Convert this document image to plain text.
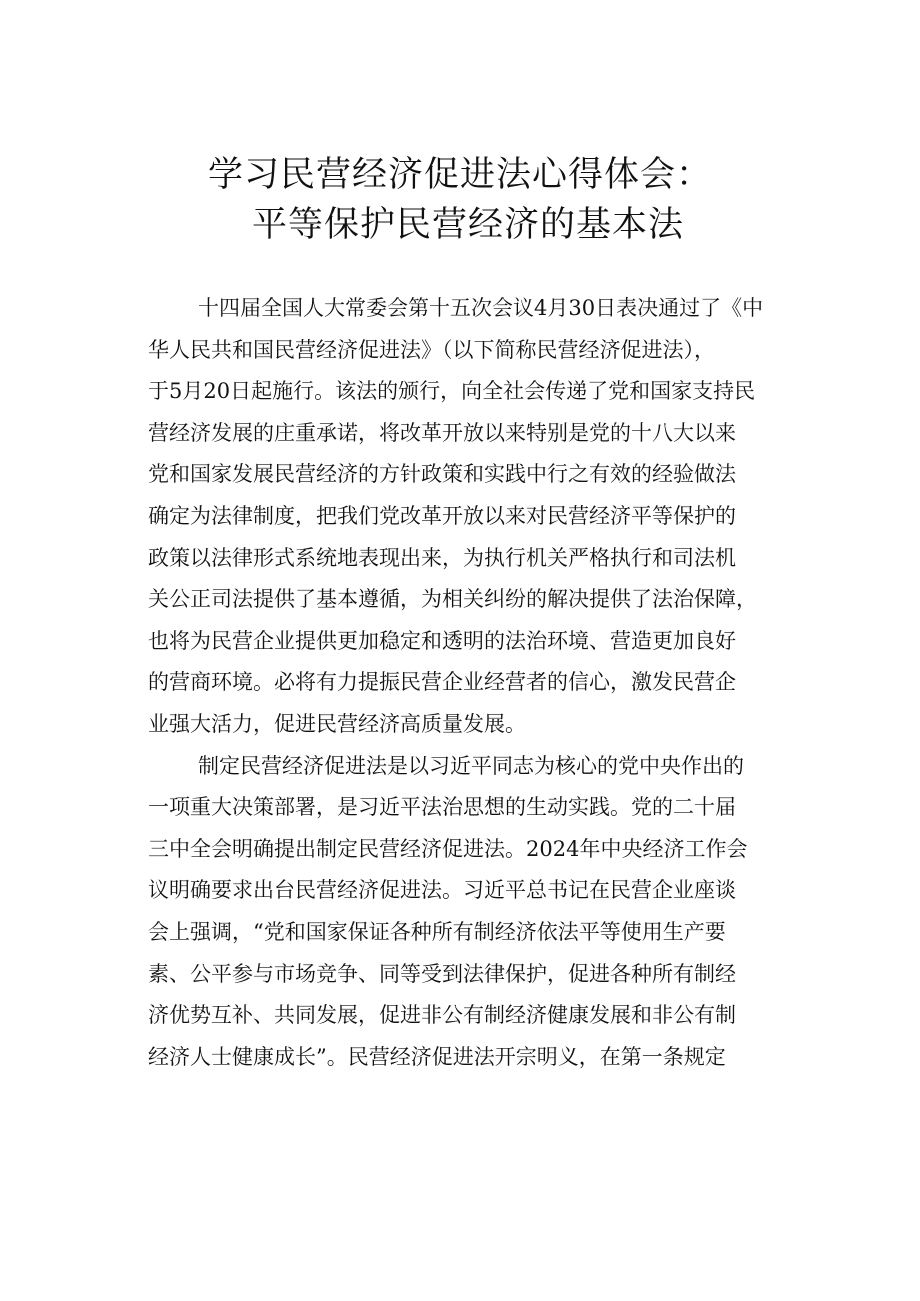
学习民营经济促进法心得体会：
平等保护民营经济的基本法
十四届全国人大常委会第十五次会议4月30日表决通过了《中
华人民共和国民营经济促进法》（以下简称民营经济促进法），
于5月20日起施行。该法的颁行，向全社会传递了党和国家支持民
营经济发展的庄重承诺，将改革开放以来特别是党的十八大以来
党和国家发展民营经济的方针政策和实践中行之有效的经验做法
确定为法律制度，把我们党改革开放以来对民营经济平等保护的
政策以法律形式系统地表现出来，为执行机关严格执行和司法机
关公正司法提供了基本遵循，为相关纠纷的解决提供了法治保障，
也将为民营企业提供更加稳定和透明的法治环境、营造更加良好
的营商环境。必将有力提振民营企业经营者的信心，激发民营企
业强大活力，促进民营经济高质量发展。
制定民营经济促进法是以习近平同志为核心的党中央作出的
一项重大决策部署，是习近平法治思想的生动实践。党的二十届
三中全会明确提出制定民营经济促进法。2024年中央经济工作会
议明确要求出台民营经济促进法。习近平总书记在民营企业座谈
会上强调，“党和国家保证各种所有制经济依法平等使用生产要
素、公平参与市场竞争、同等受到法律保护，促进各种所有制经
济优势互补、共同发展，促进非公有制经济健康发展和非公有制
经济人士健康成长”。民营经济促进法开宗明义，在第一条规定
